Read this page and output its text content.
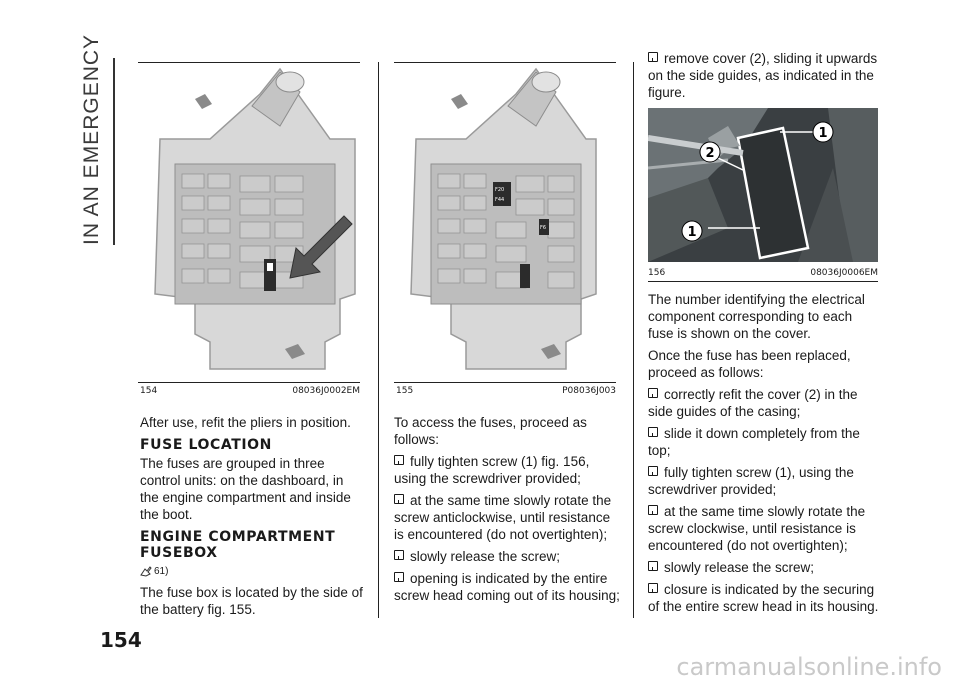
IN AN EMERGENCY
154
154	08036J0002EM

After use, refit the pliers in position.

FUSE LOCATION

The fuses are grouped in three control units: on the dashboard, in the engine compartment and inside the boot.

ENGINE COMPARTMENT FUSEBOX
61)

The fuse box is located by the side of the battery fig. 155.

F20
F44
F6
155	P08036J003

To access the fuses, proceed as follows:

fully tighten screw (1) fig. 156, using the screwdriver provided;

at the same time slowly rotate the screw anticlockwise, until resistance is encountered (do not overtighten);

slowly release the screw;

opening is indicated by the entire screw head coming out of its housing;

remove cover (2), sliding it upwards on the side guides, as indicated in the figure.

1
2
1
156	08036J0006EM

The number identifying the electrical component corresponding to each fuse is shown on the cover.

Once the fuse has been replaced, proceed as follows:

correctly refit the cover (2) in the side guides of the casing;

slide it down completely from the top;

fully tighten screw (1), using the screwdriver provided;

at the same time slowly rotate the screw clockwise, until resistance is encountered (do not overtighten);

slowly release the screw;

closure is indicated by the securing of the entire screw head in its housing.

carmanualsonline.info
